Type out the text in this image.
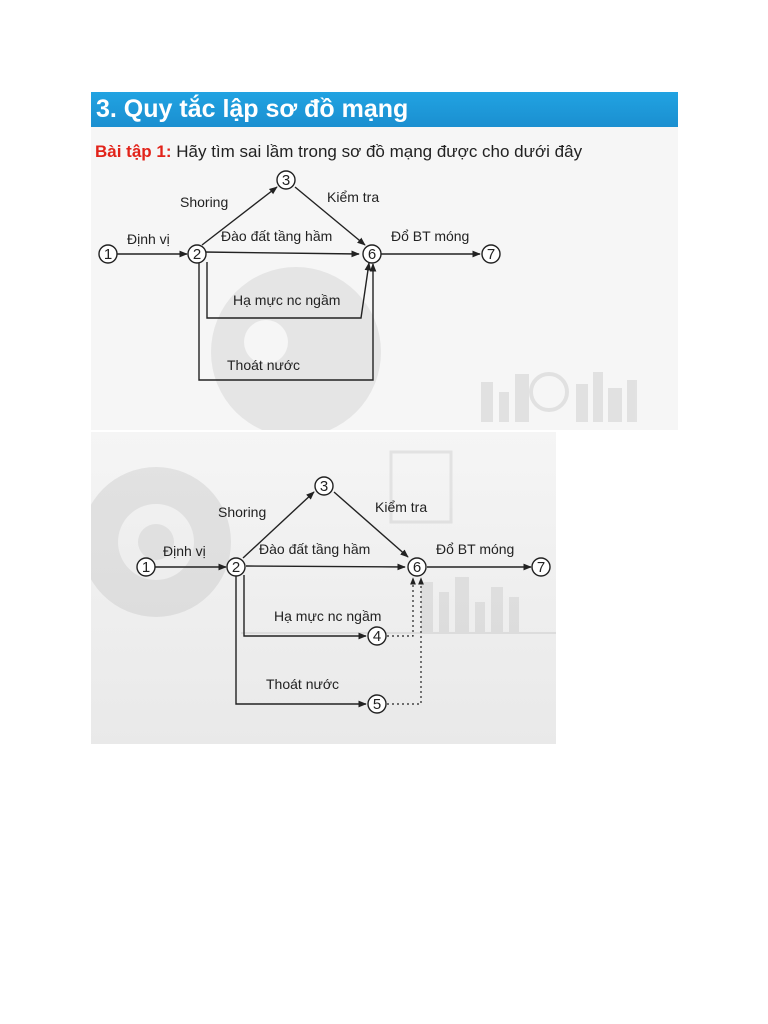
3. Quy tắc lập sơ đồ mạng
Bài tập 1: Hãy tìm sai lầm trong sơ đồ mạng được cho dưới đây
1	2
3
6	7
Định vị
Shoring	Kiểm tra
Đào đất tầng hầm	Đổ BT móng
Hạ mực nc ngầm
Thoát nước
1	2
3
4
5
6	7
Định vị
Shoring	Kiểm tra
Đào đất tầng hầm	Đổ BT móng
Hạ mực nc ngầm
Thoát nước
